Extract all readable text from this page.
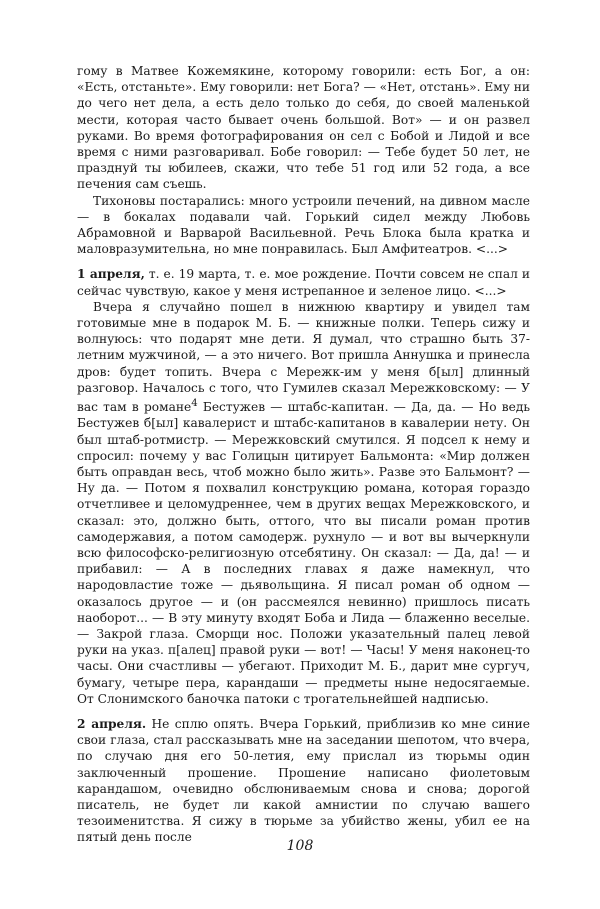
гому в Матвее Кожемякине, которому говорили: есть Бог, а он: «Есть, отстаньте». Ему говорили: нет Бога? — «Нет, отстань». Ему ни до чего нет дела, а есть дело только до себя, до своей маленькой мести, которая часто бывает очень большой. Вот» — и он развел руками. Во время фотографирования он сел с Бобой и Лидой и все время с ними разговаривал. Бобе говорил: — Тебе будет 50 лет, не празднуй ты юбилеев, скажи, что тебе 51 год или 52 года, а все печения сам съешь.

Тихоновы постарались: много устроили печений, на дивном масле — в бокалах подавали чай. Горький сидел между Любовь Абрамовной и Варварой Васильевной. Речь Блока была кратка и маловразумительна, но мне понравилась. Был Амфитеатров. <...>

1 апреля, т. е. 19 марта, т. е. мое рождение. Почти совсем не спал и сейчас чувствую, какое у меня истрепанное и зеленое лицо. <...>

Вчера я случайно пошел в нижнюю квартиру и увидел там готовимые мне в подарок М. Б. — книжные полки. Теперь сижу и волнуюсь: что подарят мне дети. Я думал, что страшно быть 37-летним мужчиной, — а это ничего. Вот пришла Аннушка и принесла дров: будет топить. Вчера с Мережк-им у меня б[ыл] длинный разговор. Началось с того, что Гумилев сказал Мережковскому: — У вас там в романе$^4$ Бестужев — штабс-капитан. — Да, да. — Но ведь Бестужев б[ыл] кавалерист и штабс-капитанов в кавалерии нету. Он был штаб-ротмистр. — Мережковский смутился. Я подсел к нему и спросил: почему у вас Голицын цитирует Бальмонта: «Мир должен быть оправдан весь, чтоб можно было жить». Разве это Бальмонт? — Ну да. — Потом я похвалил конструкцию романа, которая гораздо отчетливее и целомудреннее, чем в других вещах Мережковского, и сказал: это, должно быть, оттого, что вы писали роман против самодержавия, а потом самодерж. рухнуло — и вот вы вычеркнули всю философско-религиозную отсебятину. Он сказал: — Да, да! — и прибавил: — А в последних главах я даже намекнул, что народовластие тоже — дьявольщина. Я писал роман об одном — оказалось другое — и (он рассмеялся невинно) пришлось писать наоборот... — В эту минуту входят Боба и Лида — блаженно веселые. — Закрой глаза. Сморщи нос. Положи указательный палец левой руки на указ. п[алец] правой руки — вот! — Часы! У меня наконец-то часы. Они счастливы — убегают. Приходит М. Б., дарит мне сургуч, бумагу, четыре пера, карандаши — предметы ныне недосягаемые. От Слонимского баночка патоки с трогательнейшей надписью.

2 апреля. Не сплю опять. Вчера Горький, приблизив ко мне синие свои глаза, стал рассказывать мне на заседании шепотом, что вчера, по случаю дня его 50-летия, ему прислал из тюрьмы один заключенный прошение. Прошение написано фиолетовым карандашом, очевидно обслюниваемым снова и снова; дорогой писатель, не будет ли какой амнистии по случаю вашего тезоименитства. Я сижу в тюрьме за убийство жены, убил ее на пятый день после

108
